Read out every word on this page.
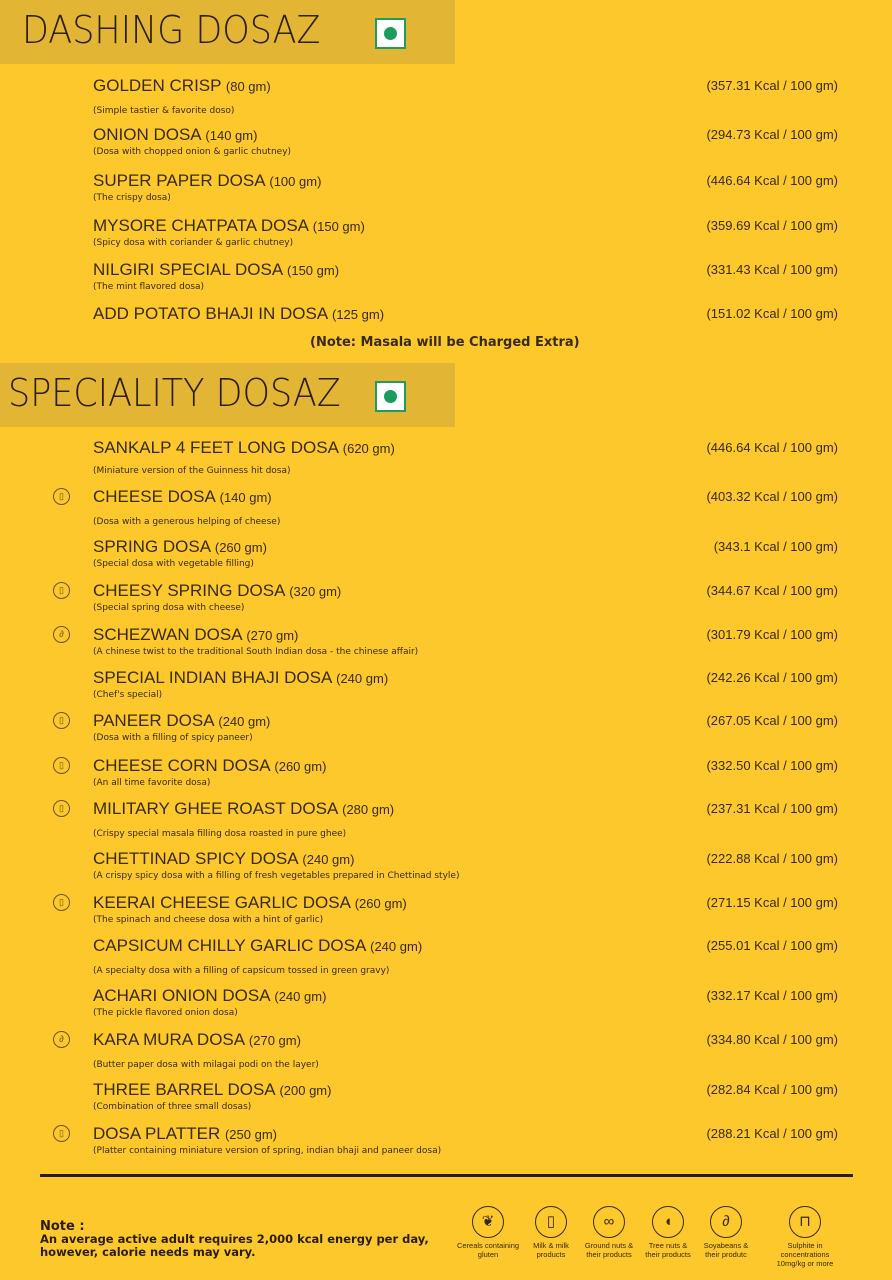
DASHING DOSAZ
GOLDEN CRISP (80 gm)
(Simple tastier & favorite doso)
(357.31 Kcal / 100 gm)
ONION DOSA (140 gm)
(Dosa with chopped onion & garlic chutney)
(294.73 Kcal / 100 gm)
SUPER PAPER DOSA (100 gm)
(The crispy dosa)
(446.64 Kcal / 100 gm)
MYSORE CHATPATA DOSA (150 gm)
(Spicy dosa with coriander & garlic chutney)
(359.69 Kcal / 100 gm)
NILGIRI SPECIAL DOSA (150 gm)
(The mint flavored dosa)
(331.43 Kcal / 100 gm)
ADD POTATO BHAJI IN DOSA (125 gm)	(151.02 Kcal / 100 gm)
(Note: Masala will be Charged Extra)
SPECIALITY DOSAZ
SANKALP 4 FEET LONG DOSA (620 gm)
(Miniature version of the Guinness hit dosa)
(446.64 Kcal / 100 gm)
▯	CHEESE DOSA (140 gm)
(Dosa with a generous helping of cheese)
(403.32 Kcal / 100 gm)
SPRING DOSA (260 gm)
(Special dosa with vegetable filling)
(343.1 Kcal / 100 gm)
▯	CHEESY SPRING DOSA (320 gm)
(Special spring dosa with cheese)
(344.67 Kcal / 100 gm)
∂	SCHEZWAN DOSA (270 gm)
(A chinese twist to the traditional South Indian dosa - the chinese affair)
(301.79 Kcal / 100 gm)
SPECIAL INDIAN BHAJI DOSA (240 gm)
(Chef's special)
(242.26 Kcal / 100 gm)
▯	PANEER DOSA (240 gm)
(Dosa with a filling of spicy paneer)
(267.05 Kcal / 100 gm)
▯	CHEESE CORN DOSA (260 gm)
(An all time favorite dosa)
(332.50 Kcal / 100 gm)
▯	MILITARY GHEE ROAST DOSA (280 gm)
(Crispy special masala filling dosa roasted in pure ghee)
(237.31 Kcal / 100 gm)
CHETTINAD SPICY DOSA (240 gm)
(A crispy spicy dosa with a filling of fresh vegetables prepared in Chettinad style)
(222.88 Kcal / 100 gm)
▯	KEERAI CHEESE GARLIC DOSA (260 gm)
(The spinach and cheese dosa with a hint of garlic)
(271.15 Kcal / 100 gm)
CAPSICUM CHILLY GARLIC DOSA (240 gm)
(A specialty dosa with a filling of capsicum tossed in green gravy)
(255.01 Kcal / 100 gm)
ACHARI ONION DOSA (240 gm)
(The pickle flavored onion dosa)
(332.17 Kcal / 100 gm)
∂	KARA MURA DOSA (270 gm)
(Butter paper dosa with milagai podi on the layer)
(334.80 Kcal / 100 gm)
THREE BARREL DOSA (200 gm)
(Combination of three small dosas)
(282.84 Kcal / 100 gm)
▯	DOSA PLATTER (250 gm)
(Platter containing miniature version of spring, indian bhaji and paneer dosa)
(288.21 Kcal / 100 gm)
Note :
An average active adult requires 2,000 kcal energy per day,
however, calorie needs may vary.
❦
Cereals containing
gluten
▯
Milk & milk
products
∞
Ground nuts &
their products
◖
Tree nuts &
their products
∂
Soyabeans &
their produtc
⊓
Sulphite in concentrations
10mg/kg or more
